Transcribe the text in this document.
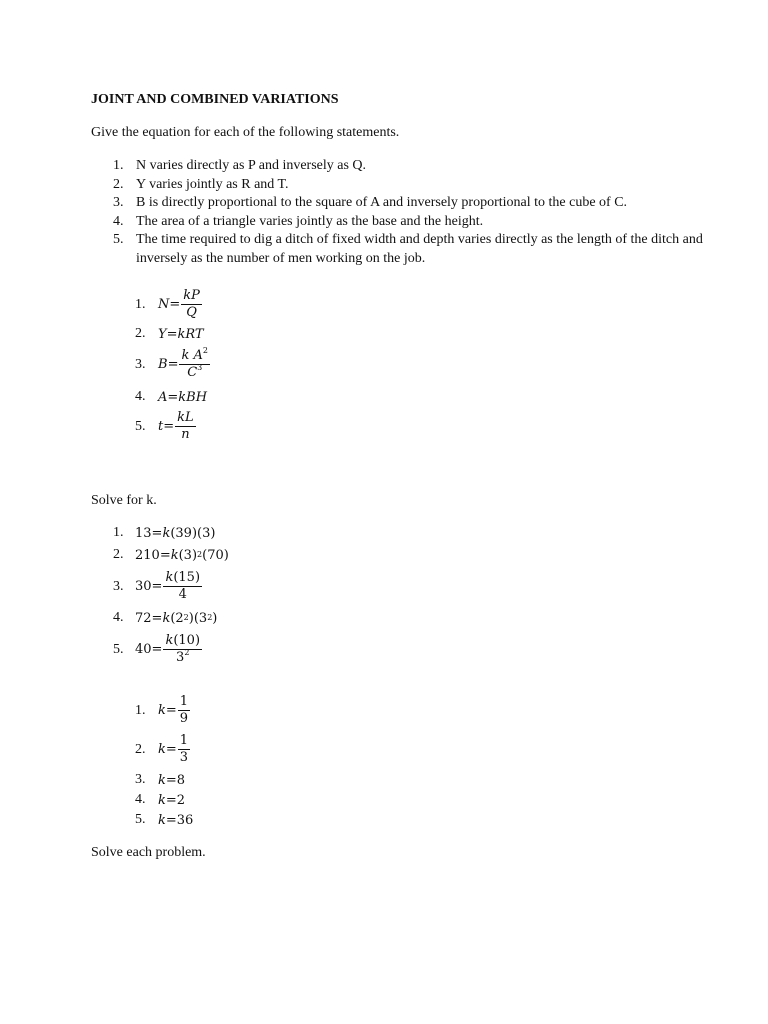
JOINT AND COMBINED VARIATIONS
Give the equation for each of the following statements.
1. N varies directly as P and inversely as Q.
2. Y varies jointly as R and T.
3. B is directly proportional to the square of A and inversely proportional to the cube of C.
4. The area of a triangle varies jointly as the base and the height.
5. The time required to dig a ditch of fixed width and depth varies directly as the length of the ditch and inversely as the number of men working on the job.
1. $N = \frac{kP}{Q}$
2. Y = kRT
3. $B = \frac{k A^2}{C^3}$
4. A = kBH
5. $t = \frac{kL}{n}$
Solve for k.
1. 13= k (39)(3)
2. 210= k (3 ) 2 (70)
3. $30= \frac{k(15)}{4}$
4. 72= k (2 2 )(3 2 )
5. $40= \frac{k(10)}{3^2}$
1. $k = \frac{1}{9}$
2. $k = \frac{1}{3}$
3. k =8
4. k =2
5. k =36
Solve each problem.
